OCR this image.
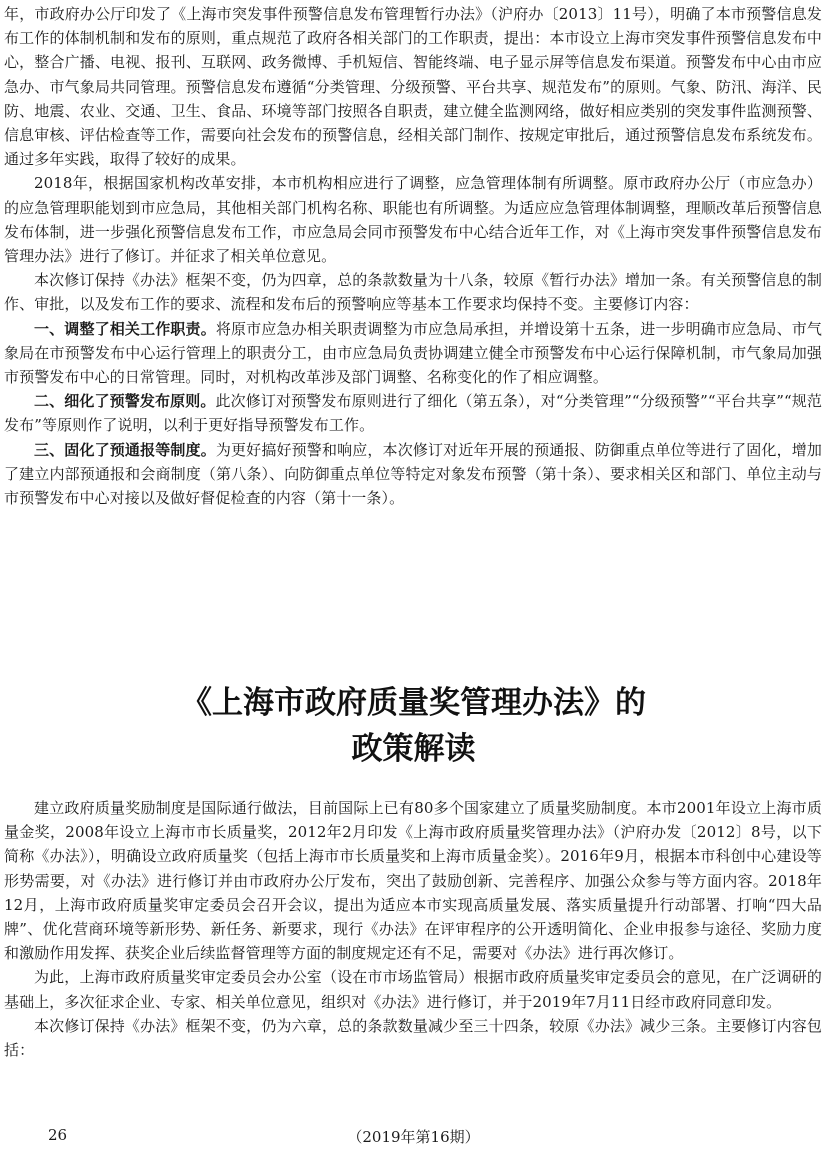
年，市政府办公厅印发了《上海市突发事件预警信息发布管理暂行办法》（沪府办〔2013〕11号），明确了本市预警信息发布工作的体制机制和发布的原则，重点规范了政府各相关部门的工作职责，提出：本市设立上海市突发事件预警信息发布中心，整合广播、电视、报刊、互联网、政务微博、手机短信、智能终端、电子显示屏等信息发布渠道。预警发布中心由市应急办、市气象局共同管理。预警信息发布遵循“分类管理、分级预警、平台共享、规范发布”的原则。气象、防汛、海洋、民防、地震、农业、交通、卫生、食品、环境等部门按照各自职责，建立健全监测网络，做好相应类别的突发事件监测预警、信息审核、评估检查等工作，需要向社会发布的预警信息，经相关部门制作、按规定审批后，通过预警信息发布系统发布。通过多年实践，取得了较好的成果。

2018年，根据国家机构改革安排，本市机构相应进行了调整，应急管理体制有所调整。原市政府办公厅（市应急办）的应急管理职能划到市应急局，其他相关部门机构名称、职能也有所调整。为适应应急管理体制调整，理顺改革后预警信息发布体制，进一步强化预警信息发布工作，市应急局会同市预警发布中心结合近年工作，对《上海市突发事件预警信息发布管理办法》进行了修订。并征求了相关单位意见。

本次修订保持《办法》框架不变，仍为四章，总的条款数量为十八条，较原《暂行办法》增加一条。有关预警信息的制作、审批，以及发布工作的要求、流程和发布后的预警响应等基本工作要求均保持不变。主要修订内容：

一、调整了相关工作职责。将原市应急办相关职责调整为市应急局承担，并增设第十五条，进一步明确市应急局、市气象局在市预警发布中心运行管理上的职责分工，由市应急局负责协调建立健全市预警发布中心运行保障机制，市气象局加强市预警发布中心的日常管理。同时，对机构改革涉及部门调整、名称变化的作了相应调整。

二、细化了预警发布原则。此次修订对预警发布原则进行了细化（第五条），对“分类管理”“分级预警”“平台共享”“规范发布”等原则作了说明，以利于更好指导预警发布工作。

三、固化了预通报等制度。为更好搞好预警和响应，本次修订对近年开展的预通报、防御重点单位等进行了固化，增加了建立内部预通报和会商制度（第八条）、向防御重点单位等特定对象发布预警（第十条）、要求相关区和部门、单位主动与市预警发布中心对接以及做好督促检查的内容（第十一条）。

《上海市政府质量奖管理办法》的
政策解读

建立政府质量奖励制度是国际通行做法，目前国际上已有80多个国家建立了质量奖励制度。本市2001年设立上海市质量金奖，2008年设立上海市市长质量奖，2012年2月印发《上海市政府质量奖管理办法》（沪府办发〔2012〕8号，以下简称《办法》），明确设立政府质量奖（包括上海市市长质量奖和上海市质量金奖）。2016年9月，根据本市科创中心建设等形势需要，对《办法》进行修订并由市政府办公厅发布，突出了鼓励创新、完善程序、加强公众参与等方面内容。2018年12月，上海市政府质量奖审定委员会召开会议，提出为适应本市实现高质量发展、落实质量提升行动部署、打响“四大品牌”、优化营商环境等新形势、新任务、新要求，现行《办法》在评审程序的公开透明简化、企业申报参与途径、奖励力度和激励作用发挥、获奖企业后续监督管理等方面的制度规定还有不足，需要对《办法》进行再次修订。

为此，上海市政府质量奖审定委员会办公室（设在市市场监管局）根据市政府质量奖审定委员会的意见，在广泛调研的基础上，多次征求企业、专家、相关单位意见，组织对《办法》进行修订，并于2019年7月11日经市政府同意印发。

本次修订保持《办法》框架不变，仍为六章，总的条款数量减少至三十四条，较原《办法》减少三条。主要修订内容包括：

26	（2019年第16期）
